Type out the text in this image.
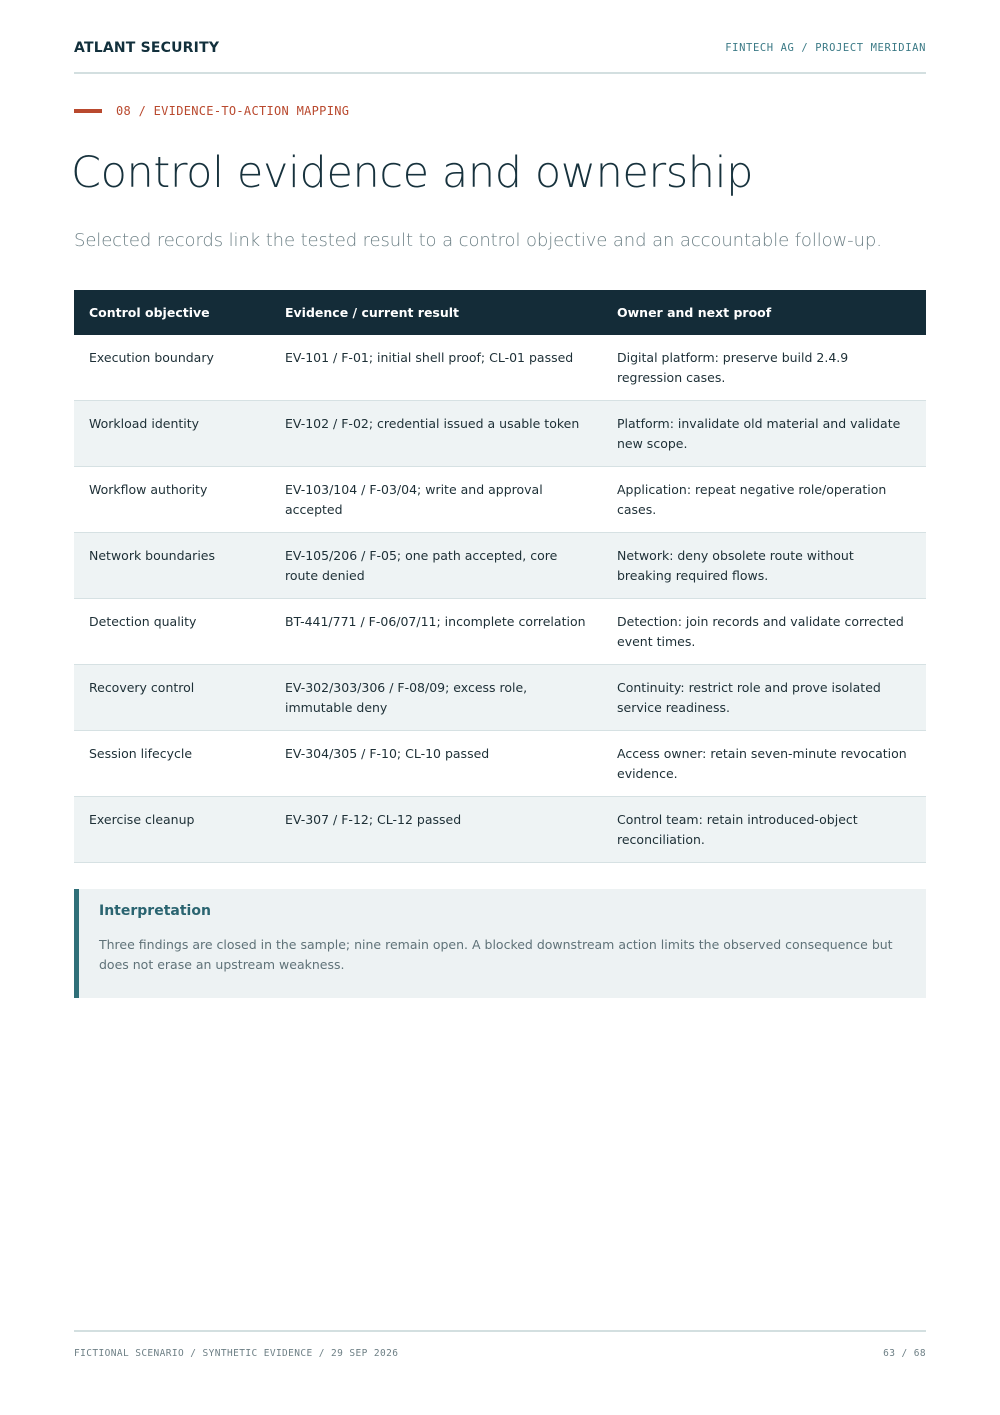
ATLANT SECURITY	FINTECH AG / PROJECT MERIDIAN
08 / EVIDENCE-TO-ACTION MAPPING
Control evidence and ownership

Selected records link the tested result to a control objective and an accountable follow-up.

Control objective	Evidence / current result	Owner and next proof
Execution boundary	EV-101 / F-01; initial shell proof; CL-01 passed	Digital platform: preserve build 2.4.9 regression cases.
Workload identity	EV-102 / F-02; credential issued a usable token	Platform: invalidate old material and validate new scope.
Workflow authority	EV-103/104 / F-03/04; write and approval accepted	Application: repeat negative role/operation cases.
Network boundaries	EV-105/206 / F-05; one path accepted, core route denied	Network: deny obsolete route without breaking required flows.
Detection quality	BT-441/771 / F-06/07/11; incomplete correlation	Detection: join records and validate corrected event times.
Recovery control	EV-302/303/306 / F-08/09; excess role, immutable deny	Continuity: restrict role and prove isolated service readiness.
Session lifecycle	EV-304/305 / F-10; CL-10 passed	Access owner: retain seven-minute revocation evidence.
Exercise cleanup	EV-307 / F-12; CL-12 passed	Control team: retain introduced-object reconciliation.
Interpretation
Three findings are closed in the sample; nine remain open. A blocked downstream action limits the observed consequence but does not erase an upstream weakness.
FICTIONAL SCENARIO / SYNTHETIC EVIDENCE / 29 SEP 2026	63 / 68
